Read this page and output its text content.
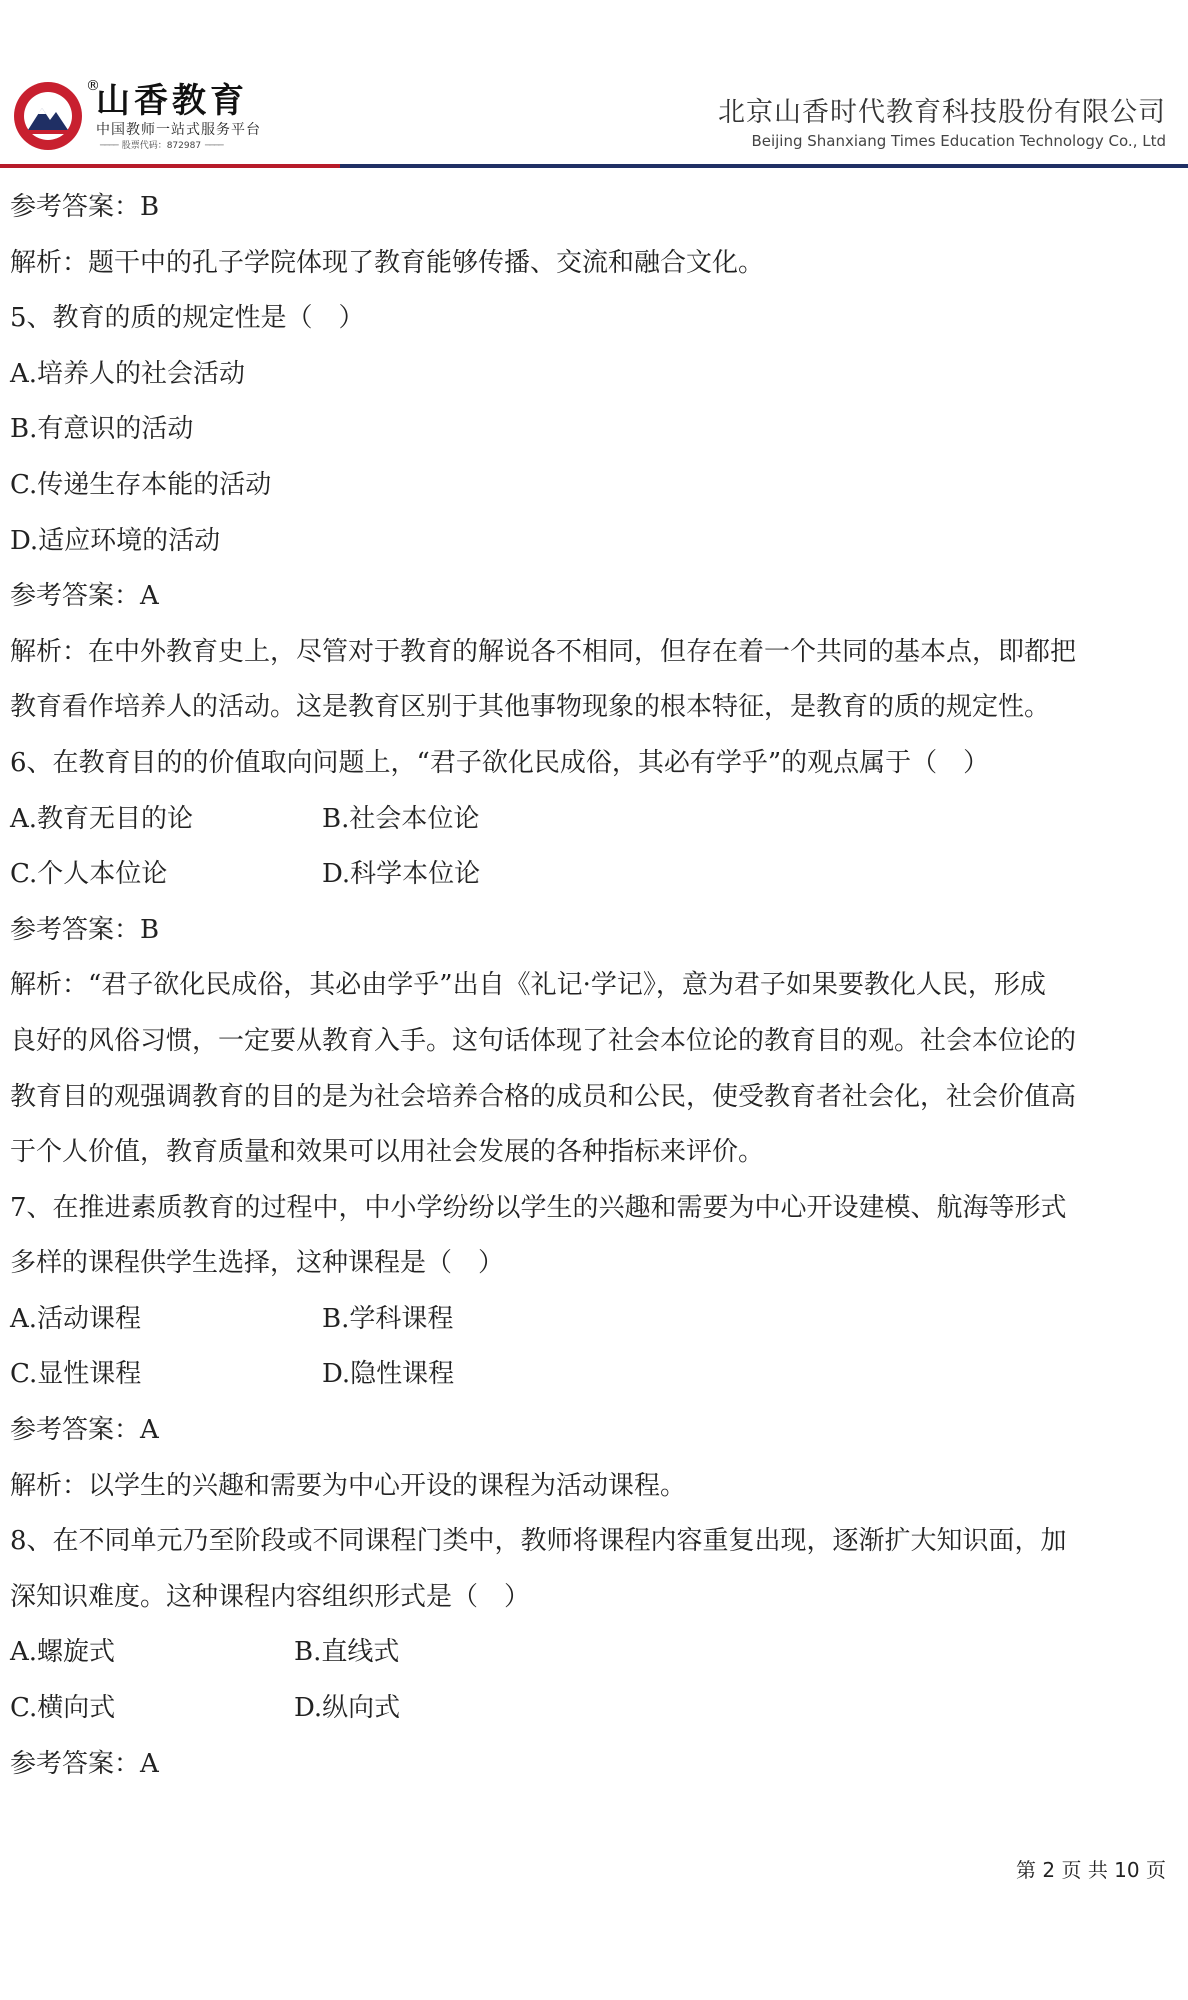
®
山香教育
中国教师一站式服务平台
──── 股票代码：872987 ────
北京山香时代教育科技股份有限公司
Beijing Shanxiang Times Education Technology Co., Ltd
参考答案：B
解析：题干中的孔子学院体现了教育能够传播、交流和融合文化。
5、教育的质的规定性是（　）
A.培养人的社会活动
B.有意识的活动
C.传递生存本能的活动
D.适应环境的活动
参考答案：A
解析：在中外教育史上，尽管对于教育的解说各不相同，但存在着一个共同的基本点，即都把
教育看作培养人的活动。这是教育区别于其他事物现象的根本特征，是教育的质的规定性。
6、在教育目的的价值取向问题上，“君子欲化民成俗，其必有学乎”的观点属于（　）
A.教育无目的论	B.社会本位论
C.个人本位论	D.科学本位论
参考答案：B
解析：“君子欲化民成俗，其必由学乎”出自《礼记·学记》，意为君子如果要教化人民，形成
良好的风俗习惯，一定要从教育入手。这句话体现了社会本位论的教育目的观。社会本位论的
教育目的观强调教育的目的是为社会培养合格的成员和公民，使受教育者社会化，社会价值高
于个人价值，教育质量和效果可以用社会发展的各种指标来评价。
7、在推进素质教育的过程中，中小学纷纷以学生的兴趣和需要为中心开设建模、航海等形式
多样的课程供学生选择，这种课程是（　）
A.活动课程	B.学科课程
C.显性课程	D.隐性课程
参考答案：A
解析：以学生的兴趣和需要为中心开设的课程为活动课程。
8、在不同单元乃至阶段或不同课程门类中，教师将课程内容重复出现，逐渐扩大知识面，加
深知识难度。这种课程内容组织形式是（　）
A.螺旋式	B.直线式
C.横向式	D.纵向式
参考答案：A
第 2 页 共 10 页
